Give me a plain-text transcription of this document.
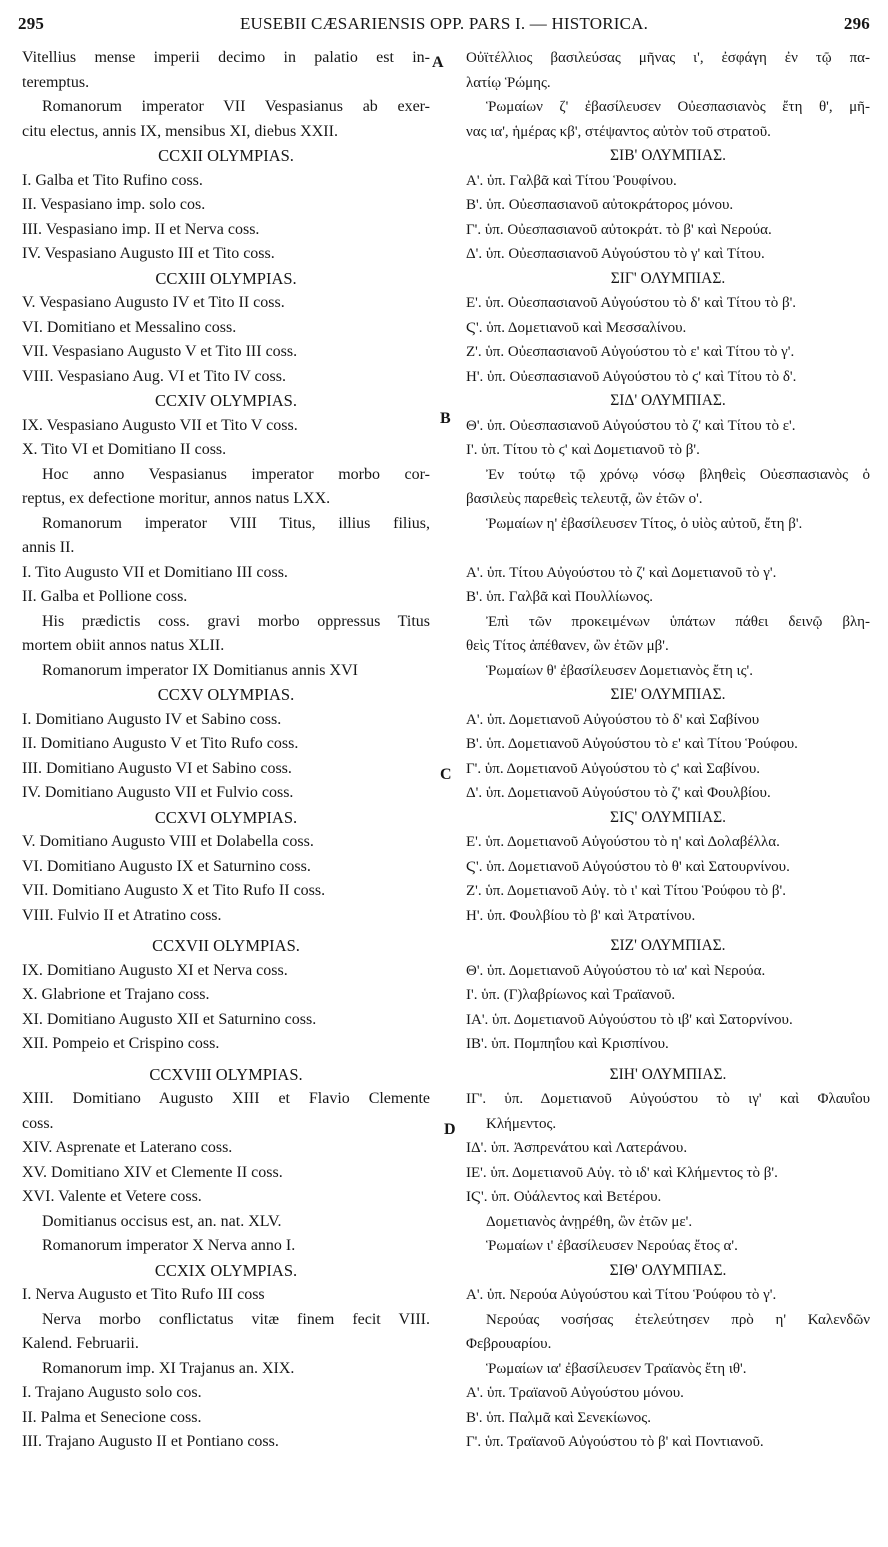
295	EUSEBII CÆSARIENSIS OPP. PARS I. — HISTORICA.	296
Vitellius mense imperii decimo in palatio est in-
teremptus.
Romanorum imperator VII Vespasianus ab exer-
citu electus, annis IX, mensibus XI, diebus XXII.
CCXII OLYMPIAS.
I. Galba et Tito Rufino coss.
II. Vespasiano imp. solo cos.
III. Vespasiano imp. II et Nerva coss.
IV. Vespasiano Augusto III et Tito coss.
CCXIII OLYMPIAS.
V. Vespasiano Augusto IV et Tito II coss.
VI. Domitiano et Messalino coss.
VII. Vespasiano Augusto V et Tito III coss.
VIII. Vespasiano Aug. VI et Tito IV coss.
CCXIV OLYMPIAS.
IX. Vespasiano Augusto VII et Tito V coss.
X. Tito VI et Domitiano II coss.
Hoc anno Vespasianus imperator morbo cor-
reptus, ex defectione moritur, annos natus LXX.
Romanorum imperator VIII Titus, illius filius,
annis II.
I. Tito Augusto VII et Domitiano III coss.
II. Galba et Pollione coss.
His prædictis coss. gravi morbo oppressus Titus
mortem obiit annos natus XLII.
Romanorum imperator IX Domitianus annis XVI
CCXV OLYMPIAS.
I. Domitiano Augusto IV et Sabino coss.
II. Domitiano Augusto V et Tito Rufo coss.
III. Domitiano Augusto VI et Sabino coss.
IV. Domitiano Augusto VII et Fulvio coss.
CCXVI OLYMPIAS.
V. Domitiano Augusto VIII et Dolabella coss.
VI. Domitiano Augusto IX et Saturnino coss.
VII. Domitiano Augusto X et Tito Rufo II coss.
VIII. Fulvio II et Atratino coss.
CCXVII OLYMPIAS.
IX. Domitiano Augusto XI et Nerva coss.
X. Glabrione et Trajano coss.
XI. Domitiano Augusto XII et Saturnino coss.
XII. Pompeio et Crispino coss.
CCXVIII OLYMPIAS.
XIII. Domitiano Augusto XIII et Flavio Clemente
coss.
XIV. Asprenate et Laterano coss.
XV. Domitiano XIV et Clemente II coss.
XVI. Valente et Vetere coss.
Domitianus occisus est, an. nat. XLV.
Romanorum imperator X Nerva anno I.
CCXIX OLYMPIAS.
I. Nerva Augusto et Tito Rufo III coss
Nerva morbo conflictatus vitæ finem fecit VIII.
Kalend. Februarii.
Romanorum imp. XI Trajanus an. XIX.
I. Trajano Augusto solo cos.
II. Palma et Senecione coss.
III. Trajano Augusto II et Pontiano coss.
Οὐϊτέλλιος βασιλεύσας μῆνας ι', ἐσφάγη ἐν τῷ πα-
λατίῳ Ῥώμης.
Ῥωμαίων ζ' ἐβασίλευσεν Οὐεσπασιανὸς ἔτη θ', μῆ-
νας ια', ἡμέρας κβ', στέψαντος αὐτὸν τοῦ στρατοῦ.
ΣΙΒ' ΟΛΥΜΠΙΑΣ.
Α'. ὑπ. Γαλβᾶ καὶ Τίτου Ῥουφίνου.
Β'. ὑπ. Οὐεσπασιανοῦ αὐτοκράτορος μόνου.
Γ'. ὑπ. Οὐεσπασιανοῦ αὐτοκράτ. τὸ β' καὶ Νερούα.
Δ'. ὑπ. Οὐεσπασιανοῦ Αὐγούστου τὸ γ' καὶ Τίτου.
ΣΙΓ' ΟΛΥΜΠΙΑΣ.
Ε'. ὑπ. Οὐεσπασιανοῦ Αὐγούστου τὸ δ' καὶ Τίτου τὸ β'.
Ϛ'. ὑπ. Δομετιανοῦ καὶ Μεσσαλίνου.
Ζ'. ὑπ. Οὐεσπασιανοῦ Αὐγούστου τὸ ε' καὶ Τίτου τὸ γ'.
Η'. ὑπ. Οὐεσπασιανοῦ Αὐγούστου τὸ ϛ' καὶ Τίτου τὸ δ'.
ΣΙΔ' ΟΛΥΜΠΙΑΣ.
Θ'. ὑπ. Οὐεσπασιανοῦ Αὐγούστου τὸ ζ' καὶ Τίτου τὸ ε'.
Ι'. ὑπ. Τίτου τὸ ϛ' καὶ Δομετιανοῦ τὸ β'.
Ἐν τούτῳ τῷ χρόνῳ νόσῳ βληθεὶς Οὐεσπασιανὸς ὁ
βασιλεὺς παρεθεὶς τελευτᾷ, ὢν ἐτῶν ο'.
Ῥωμαίων η' ἐβασίλευσεν Τίτος, ὁ υἱὸς αὐτοῦ, ἔτη β'.
Α'. ὑπ. Τίτου Αὐγούστου τὸ ζ' καὶ Δομετιανοῦ τὸ γ'.
Β'. ὑπ. Γαλβᾶ καὶ Πουλλίωνος.
Ἐπὶ τῶν προκειμένων ὑπάτων πάθει δεινῷ βλη-
θεὶς Τίτος ἀπέθανεν, ὢν ἐτῶν μβ'.
Ῥωμαίων θ' ἐβασίλευσεν Δομετιανὸς ἔτη ις'.
ΣΙΕ' ΟΛΥΜΠΙΑΣ.
Α'. ὑπ. Δομετιανοῦ Αὐγούστου τὸ δ' καὶ Σαβίνου
Β'. ὑπ. Δομετιανοῦ Αὐγούστου τὸ ε' καὶ Τίτου Ῥούφου.
Γ'. ὑπ. Δομετιανοῦ Αὐγούστου τὸ ϛ' καὶ Σαβίνου.
Δ'. ὑπ. Δομετιανοῦ Αὐγούστου τὸ ζ' καὶ Φουλβίου.
ΣΙϚ' ΟΛΥΜΠΙΑΣ.
Ε'. ὑπ. Δομετιανοῦ Αὐγούστου τὸ η' καὶ Δολαβέλλα.
Ϛ'. ὑπ. Δομετιανοῦ Αὐγούστου τὸ θ' καὶ Σατουρνίνου.
Ζ'. ὑπ. Δομετιανοῦ Αὐγ. τὸ ι' καὶ Τίτου Ῥούφου τὸ β'.
Η'. ὑπ. Φουλβίου τὸ β' καὶ Ἀτρατίνου.
ΣΙΖ' ΟΛΥΜΠΙΑΣ.
Θ'. ὑπ. Δομετιανοῦ Αὐγούστου τὸ ια' καὶ Νερούα.
Ι'. ὑπ. (Γ)λαβρίωνος καὶ Τραϊανοῦ.
ΙΑ'. ὑπ. Δομετιανοῦ Αὐγούστου τὸ ιβ' καὶ Σατορνίνου.
ΙΒ'. ὑπ. Πομπηΐου καὶ Κρισπίνου.
ΣΙΗ' ΟΛΥΜΠΙΑΣ.
ΙΓ'. ὑπ. Δομετιανοῦ Αὐγούστου τὸ ιγ' καὶ Φλαυΐου
Κλήμεντος.
ΙΔ'. ὑπ. Ἀσπρενάτου καὶ Λατεράνου.
ΙΕ'. ὑπ. Δομετιανοῦ Αὐγ. τὸ ιδ' καὶ Κλήμεντος τὸ β'.
ΙϚ'. ὑπ. Οὐάλεντος καὶ Βετέρου.
Δομετιανὸς ἀνῃρέθη, ὢν ἐτῶν με'.
Ῥωμαίων ι' ἐβασίλευσεν Νερούας ἔτος α'.
ΣΙΘ' ΟΛΥΜΠΙΑΣ.
Α'. ὑπ. Νερούα Αὐγούστου καὶ Τίτου Ῥούφου τὸ γ'.
Νερούας νοσήσας ἐτελεύτησεν πρὸ η' Καλενδῶν
Φεβρουαρίου.
Ῥωμαίων ια' ἐβασίλευσεν Τραϊανὸς ἔτη ιθ'.
Α'. ὑπ. Τραϊανοῦ Αὐγούστου μόνου.
Β'. ὑπ. Παλμᾶ καὶ Σενεκίωνος.
Γ'. ὑπ. Τραϊανοῦ Αὐγούστου τὸ β' καὶ Ποντιανοῦ.
A
B
C
D
